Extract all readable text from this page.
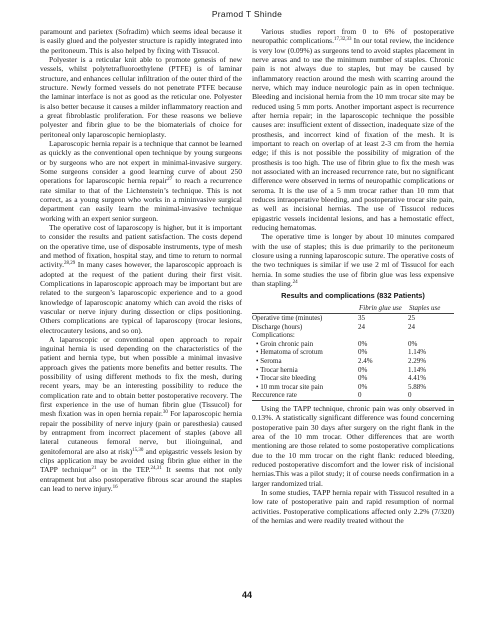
Pramod T Shinde

paramount and parietex (Sofradim) which seems ideal because it is easily glued and the polyester structure is rapidly integrated into the peritoneum. This is also helped by fixing with Tissucol.

Polyester is a reticular knit able to promote genesis of new vessels, whilst polytetrafluoroethylene (PTFE) is of laminar structure, and enhances cellular infiltration of the outer third of the structure. Newly formed vessels do not penetrate PTFE because the laminar interface is not as good as the reticular one. Polyester is also better because it causes a milder inflammatory reaction and a great fibroblastic proliferation. For these reasons we believe polyester and fibrin glue to be the biomaterials of choice for peritoneal only laparoscopic hernioplasty.

Laparoscopic hernia repair is a technique that cannot be learned as quickly as the conventional open technique by young surgeons or by surgeons who are not expert in minimal-invasive surgery. Some surgeons consider a good learning curve of about 250 operations for laparoscopic hernia repair$^{27}$ to reach a recurrence rate similar to that of the Lichtenstein’s technique. This is not correct, as a young surgeon who works in a mininvasive surgical department can easily learn the minimal-invasive technique working with an expert senior surgeon.

The operative cost of laparoscopy is higher, but it is important to consider the results and patient satisfaction. The costs depend on the operative time, use of disposable instruments, type of mesh and method of fixation, hospital stay, and time to return to normal activity.$^{28,29}$ In many cases however, the laparoscopic approach is adopted at the request of the patient during their first visit. Complications in laparoscopic approach may be important but are related to the surgeon’s laparoscopic experience and to a good knowledge of laparoscopic anatomy which can avoid the risks of vascular or nerve injury during dissection or clips positioning. Others complications are typical of laparoscopy (trocar lesions, electrocautery lesions, and so on).

A laparoscopic or conventional open approach to repair inguinal hernia is used depending on the characteristics of the patient and hernia type, but when possible a minimal invasive approach gives the patients more benefits and better results. The possibility of using different methods to fix the mesh, during recent years, may be an interesting possibility to reduce the complication rate and to obtain better postoperative recovery. The first experience in the use of human fibrin glue (Tissucol) for mesh fixation was in open hernia repair.$^{30}$ For laparoscopic hernia repair the possibility of nerve injury (pain or paresthesia) caused by entrapment from incorrect placement of staples (above all lateral cutaneous femoral nerve, but ilioinguinal, and genitofemoral are also at risk)$^{15,30}$ and epigastric vessels lesion by clips application may be avoided using fibrin glue either in the TAPP technique$^{21}$ or in the TEP.$^{24,31}$ It seems that not only entrapment but also postoperative fibrous scar around the staples can lead to nerve injury.$^{16}$

Various studies report from 0 to 6% of postoperative neuropathic complications.$^{17,32,33}$ In our total review, the incidence is very low (0.09%) as surgeons tend to avoid staples placement in nerve areas and to use the minimum number of staples. Chronic pain is not always due to staples, but may be caused by inflammatory reaction around the mesh with scarring around the nerve, which may induce neurologic pain as in open technique. Bleeding and incisional hernia from the 10 mm trocar site may be reduced using 5 mm ports. Another important aspect is recurrence after hernia repair; in the laparoscopic technique the possible causes are: insufficient extent of dissection, inadequate size of the prosthesis, and incorrect kind of fixation of the mesh. It is important to reach on overlap of at least 2-3 cm from the hernia edge; if this is not possible the possibility of migration of the prosthesis is too high. The use of fibrin glue to fix the mesh was not associated with an increased recurrence rate, but no significant difference were observed in terms of neuropathic complications or seroma. It is the use of a 5 mm trocar rather than 10 mm that reduces intraoperative bleeding, and postoperative trocar site pain, as well as incisional hernias. The use of Tissucol reduces epigastric vessels incidental lesions, and has a hemostatic effect, reducing hematomas.

The operative time is longer by about 10 minutes compared with the use of staples; this is due primarily to the peritoneum closure using a running laparoscopic suture. The operative costs of the two techniques is similar if we use 2 ml of Tissucol for each hernia. In some studies the use of fibrin glue was less expensive than stapling.$^{24}$

Results and complications (832 Patients)
	Fibrin glue use	Staples use
Operative time (minutes)	35	25
Discharge (hours)	24	24
Complications:		
• Groin chronic pain	0%	0%
• Hematoma of scrotum	0%	1.14%
• Seroma	2.4%	2.29%
• Trocar hernia	0%	1.14%
• Trocar site bleeding	0%	4.41%
• 10 mm trocar site pain	0%	5.88%
Reccurence rate	0	0

Using the TAPP technique, chronic pain was only observed in 0.13%. A statistically significant difference was found concerning postoperative pain 30 days after surgery on the right flank in the area of the 10 mm trocar. Other differences that are worth mentioning are those related to some postoperative complications due to the 10 mm trocar on the right flank: reduced bleeding, reduced postoperative discomfort and the lower risk of incisional hernias.This was a pilot study; it of course needs confirmation in a larger randomized trial.

In some studies, TAPP hernia repair with Tissucol resulted in a low rate of postoperative pain and rapid resumption of normal activities. Postoperative complications affected only 2.2% (7/320) of the hernias and were readily treated without the

44
